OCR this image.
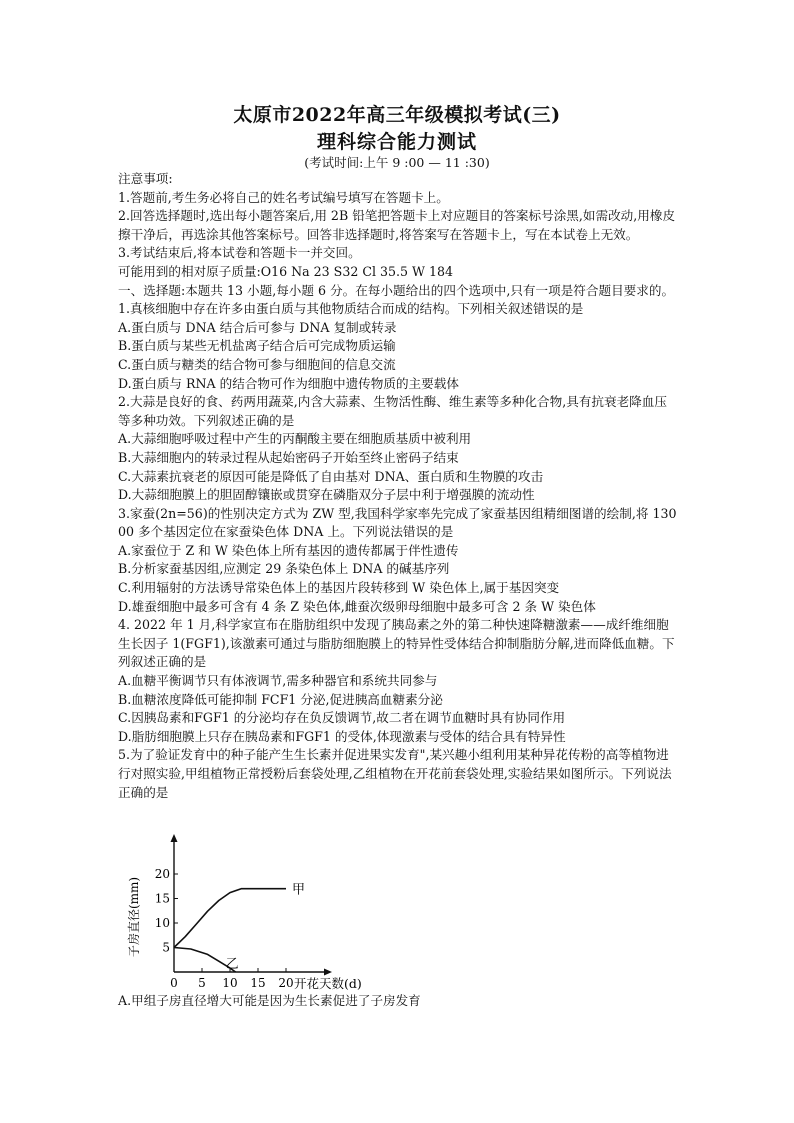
太原市2022年高三年级模拟考试(三)
理科综合能力测试
(考试时间:上午 9 :00 — 11 :30)

注意事项:

1.答题前,考生务必将自己的姓名考试编号填写在答题卡上。

2.回答选择题时,选出每小题答案后,用 2B 铅笔把答题卡上对应题目的答案标号涂黑,如需改动,用橡皮擦干净后，再选涂其他答案标号。回答非选择题时,将答案写在答题卡上，写在本试卷上无效。

3.考试结束后,将本试卷和答题卡一并交回。

可能用到的相对原子质量:O16 Na 23 S32 Cl 35.5 W 184

一、选择题:本题共 13 小题,每小题 6 分。在每小题给出的四个选项中,只有一项是符合题目要求的。

1.真核细胞中存在许多由蛋白质与其他物质结合而成的结构。下列相关叙述错误的是

A.蛋白质与 DNA 结合后可参与 DNA 复制或转录

B.蛋白质与某些无机盐离子结合后可完成物质运输

C.蛋白质与糖类的结合物可参与细胞间的信息交流

D.蛋白质与 RNA 的结合物可作为细胞中遗传物质的主要载体

2.大蒜是良好的食、药两用蔬菜,内含大蒜素、生物活性酶、维生素等多种化合物,具有抗衰老降血压等多种功效。下列叙述正确的是

A.大蒜细胞呼吸过程中产生的丙酮酸主要在细胞质基质中被利用

B.大蒜细胞内的转录过程从起始密码子开始至终止密码子结束

C.大蒜素抗衰老的原因可能是降低了自由基对 DNA、蛋白质和生物膜的攻击

D.大蒜细胞膜上的胆固醇镶嵌或贯穿在磷脂双分子层中利于增强膜的流动性

3.家蚕(2n=56)的性别决定方式为 ZW 型,我国科学家率先完成了家蚕基因组精细图谱的绘制,将 13000 多个基因定位在家蚕染色体 DNA 上。下列说法错误的是

A.家蚕位于 Z 和 W 染色体上所有基因的遗传都属于伴性遗传

B.分析家蚕基因组,应测定 29 条染色体上 DNA 的碱基序列

C.利用辐射的方法诱导常染色体上的基因片段转移到 W 染色体上,属于基因突变

D.雄蚕细胞中最多可含有 4 条 Z 染色体,雌蚕次级卵母细胞中最多可含 2 条 W 染色体

4. 2022 年 1 月,科学家宣布在脂肪组织中发现了胰岛素之外的第二种快速降糖激素——成纤维细胞生长因子 1(FGF1),该激素可通过与脂肪细胞膜上的特异性受体结合抑制脂肪分解,进而降低血糖。下列叙述正确的是

A.血糖平衡调节只有体液调节,需多种器官和系统共同参与

B.血糖浓度降低可能抑制 FCF1 分泌,促进胰高血糖素分泌

C.因胰岛素和FGF1 的分泌均存在负反馈调节,故二者在调节血糖时具有协同作用

D.脂肪细胞膜上只存在胰岛素和FGF1 的受体,体现激素与受体的结合具有特异性

5.为了验证发育中的种子能产生生长素并促进果实发育",某兴趣小组利用某种异花传粉的高等植物进行对照实验,甲组植物正常授粉后套袋处理,乙组植物在开花前套袋处理,实验结果如图所示。下列说法正确的是

0 5 10 15 20
5
10
15
20
子房直径(mm)
开花天数(d)
甲
乙
A.甲组子房直径增大可能是因为生长素促进了子房发育
